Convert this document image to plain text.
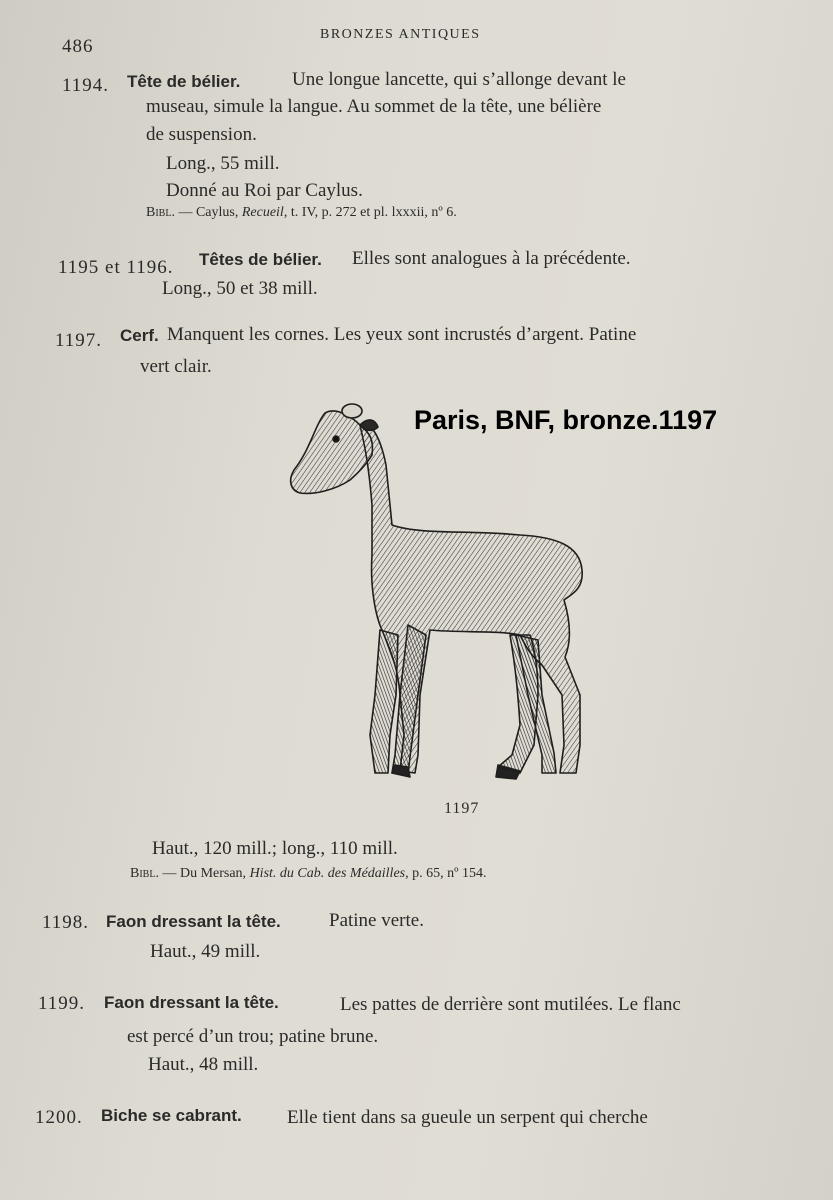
486
BRONZES ANTIQUES
1194. Tête de bélier.	Une longue lancette, qui s’allonge devant le
museau, simule la langue. Au sommet de la tête, une bélière
de suspension.
Long., 55 mill.
Donné au Roi par Caylus.
Bibl. — Caylus, Recueil, t. IV, p. 272 et pl. lxxxii, nº 6.
1195 et 1196. Têtes de bélier. Elles sont analogues à la précédente.
Long., 50 et 38 mill.
1197. Cerf. Manquent les cornes. Les yeux sont incrustés d’argent. Patine
vert clair.
1197
Haut., 120 mill.; long., 110 mill.
Bibl. — Du Mersan, Hist. du Cab. des Médailles, p. 65, nº 154.
1198. Faon dressant la tête.	Patine verte.
Haut., 49 mill.
1199. Faon dressant la tête.	Les pattes de derrière sont mutilées. Le flanc
est percé d’un trou; patine brune.
Haut., 48 mill.
1200. Biche se cabrant. Elle tient dans sa gueule un serpent qui cherche
Paris, BNF, bronze.1197
